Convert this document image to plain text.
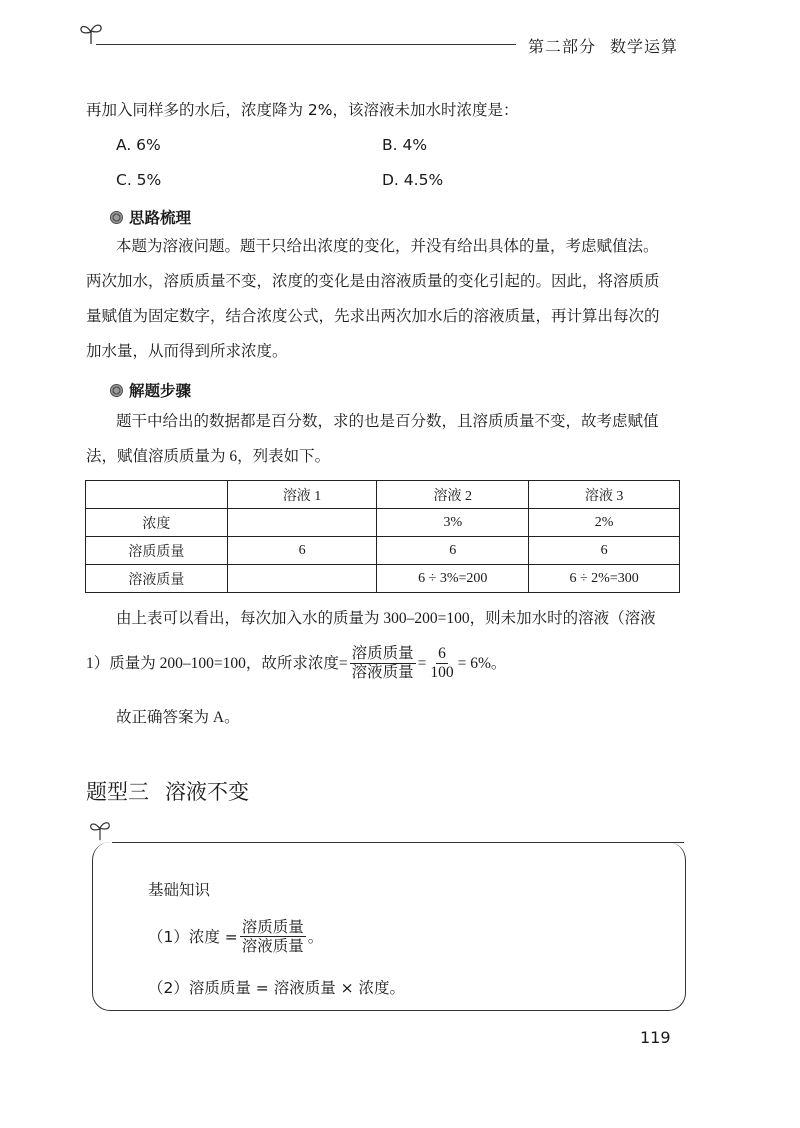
第二部分 数学运算
再加入同样多的水后，浓度降为 2%，该溶液未加水时浓度是：
A. 6%	B. 4%
C. 5%	D. 4.5%
思路梳理
本题为溶液问题。题干只给出浓度的变化，并没有给出具体的量，考虑赋值法。
两次加水，溶质质量不变，浓度的变化是由溶液质量的变化引起的。因此，将溶质质
量赋值为固定数字，结合浓度公式，先求出两次加水后的溶液质量，再计算出每次的
加水量，从而得到所求浓度。
解题步骤
题干中给出的数据都是百分数，求的也是百分数，且溶质质量不变，故考虑赋值
法，赋值溶质质量为 6，列表如下。
	溶液 1	溶液 2	溶液 3
浓度		3%	2%
溶质质量	6	6	6
溶液质量		6 ÷ 3%=200	6 ÷ 2%=300
由上表可以看出，每次加入水的质量为 300–200=100，则未加水时的溶液（溶液
1）质量为 200–100=100，故所求浓度= $\frac{\text{溶质质量}}{\text{溶液质量}} = \frac{6}{100} = 6\%$。
故正确答案为 A。
题型三 溶液不变
基础知识
（1）浓度 = $\frac{\text{溶质质量}}{\text{溶液质量}}$ 。
（2）溶质质量 = 溶液质量 × 浓度。
119
